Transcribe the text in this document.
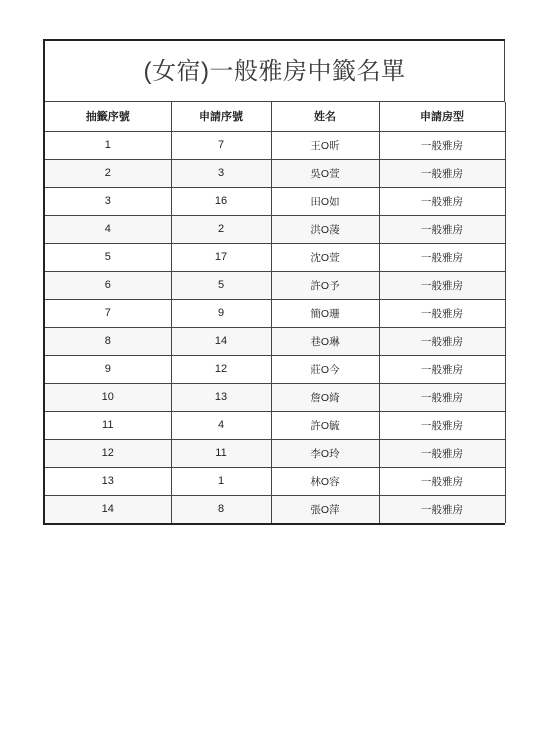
(女宿)一般雅房中籤名單
抽籤序號	申請序號	姓名	申請房型
1	7	王O昕	一般雅房
2	3	吳O萱	一般雅房
3	16	田O如	一般雅房
4	2	洪O蓤	一般雅房
5	17	沈O萱	一般雅房
6	5	許O予	一般雅房
7	9	簡O珊	一般雅房
8	14	巷O琳	一般雅房
9	12	莊O今	一般雅房
10	13	詹O綺	一般雅房
11	4	許O毓	一般雅房
12	11	李O玲	一般雅房
13	1	林O容	一般雅房
14	8	張O萍	一般雅房
